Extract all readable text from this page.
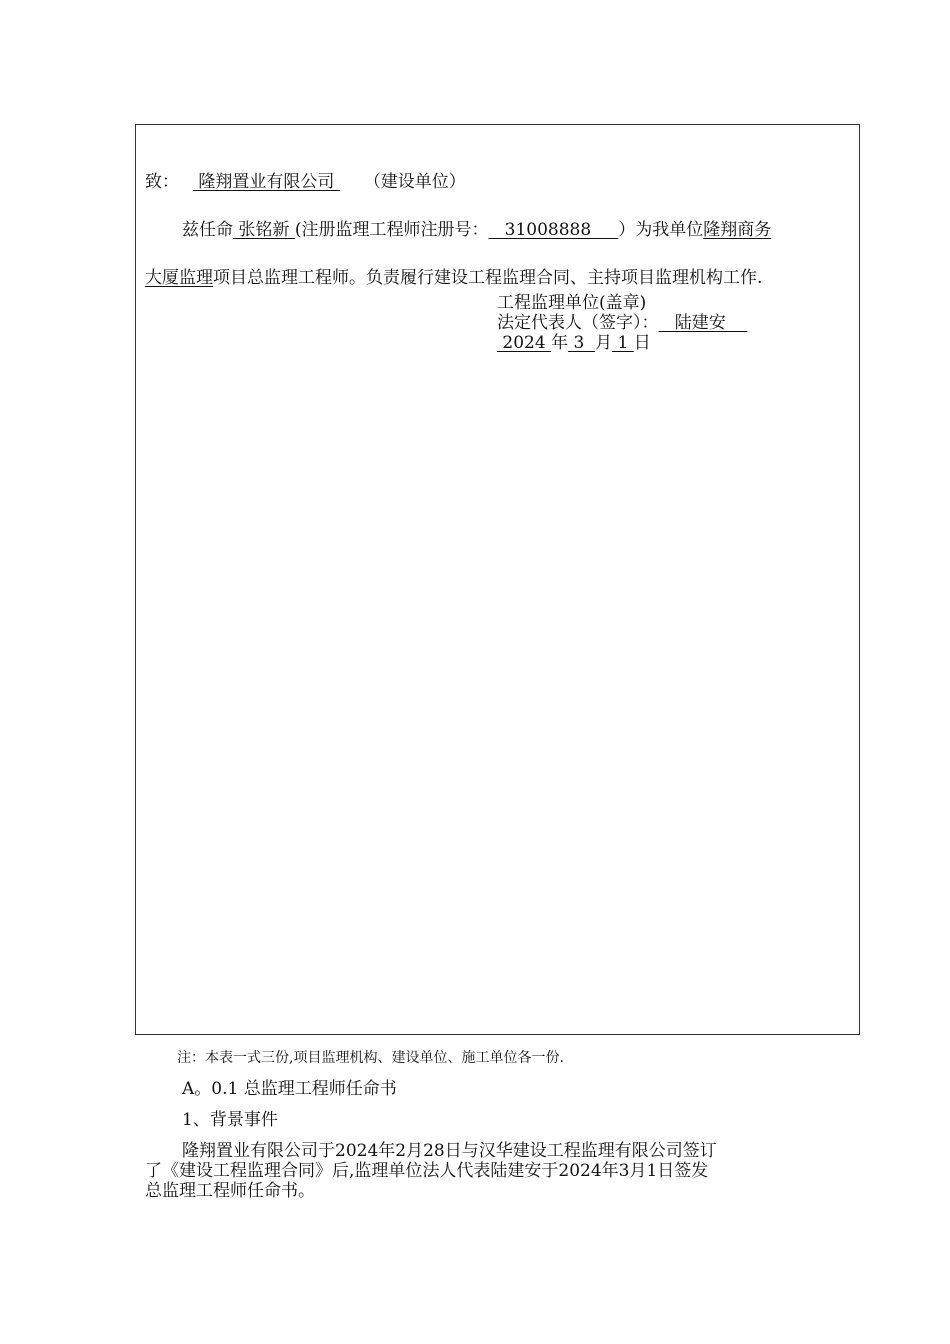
致： 隆翔置业有限公司 （建设单位）
兹任命 张铭新 (注册监理工程师注册号：   31008888     ）为我单位隆翔商务
大厦监理项目总监理工程师。负责履行建设工程监理合同、主持项目监理机构工作.
工程监理单位(盖章)
法定代表人（签字）：   陆建安
2024 年 3  月 1 日
注：本表一式三份,项目监理机构、建设单位、施工单位各一份.
A。0.1 总监理工程师任命书
1、背景事件
隆翔置业有限公司于2024年2月28日与汉华建设工程监理有限公司签订
了《建设工程监理合同》后,监理单位法人代表陆建安于2024年3月1日签发
总监理工程师任命书。
